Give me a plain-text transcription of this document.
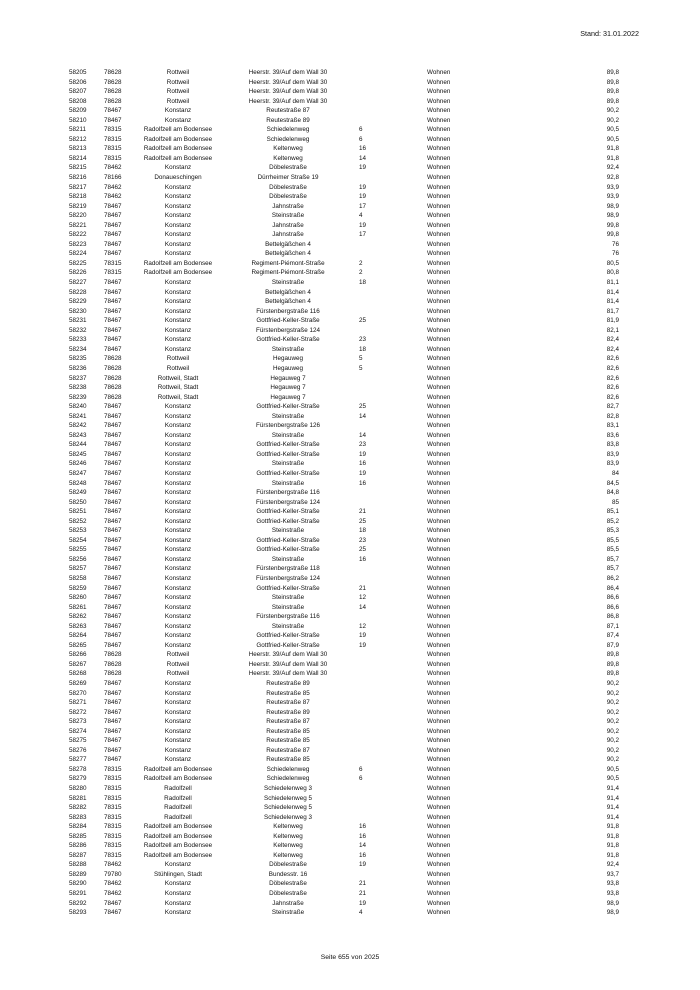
Stand: 31.01.2022
58205	78628	Rottweil	Heerstr. 39/Auf dem Wall 30	Wohnen	89,8
58206	78628	Rottweil	Heerstr. 39/Auf dem Wall 30	Wohnen	89,8
58207	78628	Rottweil	Heerstr. 39/Auf dem Wall 30	Wohnen	89,8
58208	78628	Rottweil	Heerstr. 39/Auf dem Wall 30	Wohnen	89,8
58209	78467	Konstanz	Reutestraße 87	Wohnen	90,2
58210	78467	Konstanz	Reutestraße 89	Wohnen	90,2
58211	78315	Radolfzell am Bodensee	Schiedelenweg	6	Wohnen	90,5
58212	78315	Radolfzell am Bodensee	Schiedelenweg	6	Wohnen	90,5
58213	78315	Radolfzell am Bodensee	Keltenweg	16	Wohnen	91,8
58214	78315	Radolfzell am Bodensee	Keltenweg	14	Wohnen	91,8
58215	78462	Konstanz	Döbelestraße	19	Wohnen	92,4
58216	78166	Donaueschingen	Dürrheimer Straße 19	Wohnen	92,8
58217	78462	Konstanz	Döbelestraße	19	Wohnen	93,9
58218	78462	Konstanz	Döbelestraße	19	Wohnen	93,9
58219	78467	Konstanz	Jahnstraße	17	Wohnen	98,9
58220	78467	Konstanz	Steinstraße	4	Wohnen	98,9
58221	78467	Konstanz	Jahnstraße	19	Wohnen	99,8
58222	78467	Konstanz	Jahnstraße	17	Wohnen	99,8
58223	78467	Konstanz	Bettelgäßchen 4	Wohnen	76
58224	78467	Konstanz	Bettelgäßchen 4	Wohnen	76
58225	78315	Radolfzell am Bodensee	Regiment-Piémont-Straße	2	Wohnen	80,5
58226	78315	Radolfzell am Bodensee	Regiment-Piémont-Straße	2	Wohnen	80,8
58227	78467	Konstanz	Steinstraße	18	Wohnen	81,1
58228	78467	Konstanz	Bettelgäßchen 4	Wohnen	81,4
58229	78467	Konstanz	Bettelgäßchen 4	Wohnen	81,4
58230	78467	Konstanz	Fürstenbergstraße 116	Wohnen	81,7
58231	78467	Konstanz	Gottfried-Keller-Straße	25	Wohnen	81,9
58232	78467	Konstanz	Fürstenbergstraße 124	Wohnen	82,1
58233	78467	Konstanz	Gottfried-Keller-Straße	23	Wohnen	82,4
58234	78467	Konstanz	Steinstraße	18	Wohnen	82,4
58235	78628	Rottweil	Hegauweg	5	Wohnen	82,6
58236	78628	Rottweil	Hegauweg	5	Wohnen	82,6
58237	78628	Rottweil, Stadt	Hegauweg 7	Wohnen	82,6
58238	78628	Rottweil, Stadt	Hegauweg 7	Wohnen	82,6
58239	78628	Rottweil, Stadt	Hegauweg 7	Wohnen	82,6
58240	78467	Konstanz	Gottfried-Keller-Straße	25	Wohnen	82,7
58241	78467	Konstanz	Steinstraße	14	Wohnen	82,8
58242	78467	Konstanz	Fürstenbergstraße 126	Wohnen	83,1
58243	78467	Konstanz	Steinstraße	14	Wohnen	83,6
58244	78467	Konstanz	Gottfried-Keller-Straße	23	Wohnen	83,8
58245	78467	Konstanz	Gottfried-Keller-Straße	19	Wohnen	83,9
58246	78467	Konstanz	Steinstraße	16	Wohnen	83,9
58247	78467	Konstanz	Gottfried-Keller-Straße	19	Wohnen	84
58248	78467	Konstanz	Steinstraße	16	Wohnen	84,5
58249	78467	Konstanz	Fürstenbergstraße 116	Wohnen	84,8
58250	78467	Konstanz	Fürstenbergstraße 124	Wohnen	85
58251	78467	Konstanz	Gottfried-Keller-Straße	21	Wohnen	85,1
58252	78467	Konstanz	Gottfried-Keller-Straße	25	Wohnen	85,2
58253	78467	Konstanz	Steinstraße	18	Wohnen	85,3
58254	78467	Konstanz	Gottfried-Keller-Straße	23	Wohnen	85,5
58255	78467	Konstanz	Gottfried-Keller-Straße	25	Wohnen	85,5
58256	78467	Konstanz	Steinstraße	16	Wohnen	85,7
58257	78467	Konstanz	Fürstenbergstraße 118	Wohnen	85,7
58258	78467	Konstanz	Fürstenbergstraße 124	Wohnen	86,2
58259	78467	Konstanz	Gottfried-Keller-Straße	21	Wohnen	86,4
58260	78467	Konstanz	Steinstraße	12	Wohnen	86,6
58261	78467	Konstanz	Steinstraße	14	Wohnen	86,6
58262	78467	Konstanz	Fürstenbergstraße 116	Wohnen	86,8
58263	78467	Konstanz	Steinstraße	12	Wohnen	87,1
58264	78467	Konstanz	Gottfried-Keller-Straße	19	Wohnen	87,4
58265	78467	Konstanz	Gottfried-Keller-Straße	19	Wohnen	87,9
58266	78628	Rottweil	Heerstr. 39/Auf dem Wall 30	Wohnen	89,8
58267	78628	Rottweil	Heerstr. 39/Auf dem Wall 30	Wohnen	89,8
58268	78628	Rottweil	Heerstr. 39/Auf dem Wall 30	Wohnen	89,8
58269	78467	Konstanz	Reutestraße 89	Wohnen	90,2
58270	78467	Konstanz	Reutestraße 85	Wohnen	90,2
58271	78467	Konstanz	Reutestraße 87	Wohnen	90,2
58272	78467	Konstanz	Reutestraße 89	Wohnen	90,2
58273	78467	Konstanz	Reutestraße 87	Wohnen	90,2
58274	78467	Konstanz	Reutestraße 85	Wohnen	90,2
58275	78467	Konstanz	Reutestraße 85	Wohnen	90,2
58276	78467	Konstanz	Reutestraße 87	Wohnen	90,2
58277	78467	Konstanz	Reutestraße 85	Wohnen	90,2
58278	78315	Radolfzell am Bodensee	Schiedelenweg	6	Wohnen	90,5
58279	78315	Radolfzell am Bodensee	Schiedelenweg	6	Wohnen	90,5
58280	78315	Radolfzell	Schiedelenweg 3	Wohnen	91,4
58281	78315	Radolfzell	Schiedelenweg 5	Wohnen	91,4
58282	78315	Radolfzell	Schiedelenweg 5	Wohnen	91,4
58283	78315	Radolfzell	Schiedelenweg 3	Wohnen	91,4
58284	78315	Radolfzell am Bodensee	Keltenweg	16	Wohnen	91,8
58285	78315	Radolfzell am Bodensee	Keltenweg	16	Wohnen	91,8
58286	78315	Radolfzell am Bodensee	Keltenweg	14	Wohnen	91,8
58287	78315	Radolfzell am Bodensee	Keltenweg	16	Wohnen	91,8
58288	78462	Konstanz	Döbelestraße	19	Wohnen	92,4
58289	79780	Stühlingen, Stadt	Bundesstr. 16	Wohnen	93,7
58290	78462	Konstanz	Döbelestraße	21	Wohnen	93,8
58291	78462	Konstanz	Döbelestraße	21	Wohnen	93,8
58292	78467	Konstanz	Jahnstraße	19	Wohnen	98,9
58293	78467	Konstanz	Steinstraße	4	Wohnen	98,9
Seite 655 von 2025
